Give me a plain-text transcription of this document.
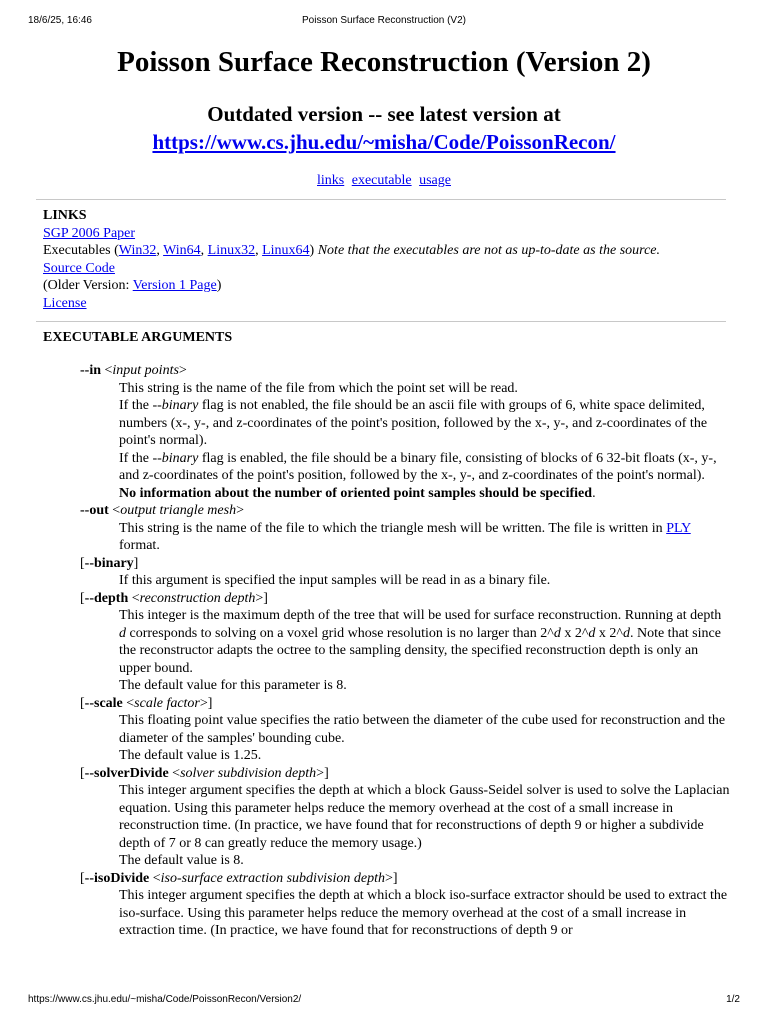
18/6/25, 16:46	Poisson Surface Reconstruction (V2)
Poisson Surface Reconstruction (Version 2)
Outdated version -- see latest version at
https://www.cs.jhu.edu/~misha/Code/PoissonRecon/
links executable usage
LINKS
SGP 2006 Paper
Executables (Win32, Win64, Linux32, Linux64) Note that the executables are not as up-to-date as the source.
Source Code
(Older Version: Version 1 Page)
License
EXECUTABLE ARGUMENTS
--in <input points>

This string is the name of the file from which the point set will be read.

If the --binary flag is not enabled, the file should be an ascii file with groups of 6, white space delimited, numbers (x-, y-, and z-coordinates of the point's position, followed by the x-, y-, and z-coordinates of the point's normal).

If the --binary flag is enabled, the file should be a binary file, consisting of blocks of 6 32-bit floats (x-, y-, and z-coordinates of the point's position, followed by the x-, y-, and z-coordinates of the point's normal).

No information about the number of oriented point samples should be specified.

--out <output triangle mesh>

This string is the name of the file to which the triangle mesh will be written. The file is written in PLY format.

[--binary]

If this argument is specified the input samples will be read in as a binary file.

[--depth <reconstruction depth>]

This integer is the maximum depth of the tree that will be used for surface reconstruction. Running at depth d corresponds to solving on a voxel grid whose resolution is no larger than 2^d x 2^d x 2^d. Note that since the reconstructor adapts the octree to the sampling density, the specified reconstruction depth is only an upper bound.

The default value for this parameter is 8.

[--scale <scale factor>]

This floating point value specifies the ratio between the diameter of the cube used for reconstruction and the diameter of the samples' bounding cube.

The default value is 1.25.

[--solverDivide <solver subdivision depth>]

This integer argument specifies the depth at which a block Gauss-Seidel solver is used to solve the Laplacian equation. Using this parameter helps reduce the memory overhead at the cost of a small increase in reconstruction time. (In practice, we have found that for reconstructions of depth 9 or higher a subdivide depth of 7 or 8 can greatly reduce the memory usage.)

The default value is 8.

[--isoDivide <iso-surface extraction subdivision depth>]

This integer argument specifies the depth at which a block iso-surface extractor should be used to extract the iso-surface. Using this parameter helps reduce the memory overhead at the cost of a small increase in extraction time. (In practice, we have found that for reconstructions of depth 9 or

https://www.cs.jhu.edu/~misha/Code/PoissonRecon/Version2/	1/2
